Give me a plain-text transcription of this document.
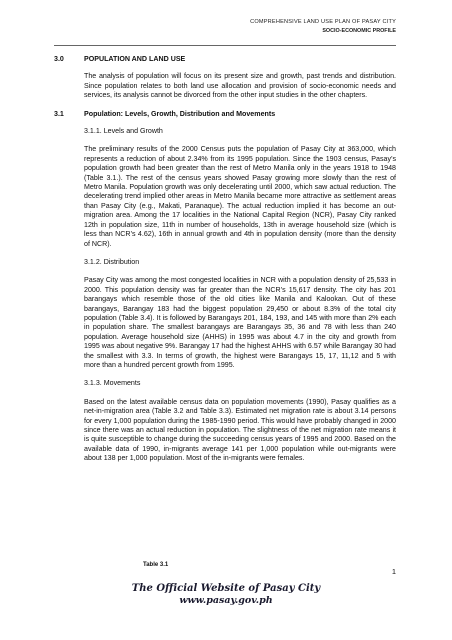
COMPREHENSIVE LAND USE PLAN OF PASAY CITY
SOCIO-ECONOMIC PROFILE
3.0	POPULATION AND LAND USE

The analysis of population will focus on its present size and growth, past trends and distribution. Since population relates to both land use allocation and provision of socio-economic needs and services, its analysis cannot be divorced from the other input studies in the other chapters.

3.1	Population: Levels, Growth, Distribution and Movements
3.1.1. Levels and Growth

The preliminary results of the 2000 Census puts the population of Pasay City at 363,000, which represents a reduction of about 2.34% from its 1995 population. Since the 1903 census, Pasay’s population growth had been greater than the rest of Metro Manila only in the years 1918 to 1948 (Table 3.1.). The rest of the census years showed Pasay growing more slowly than the rest of Metro Manila. Population growth was only decelerating until 2000, which saw actual reduction. The decelerating trend implied other areas in Metro Manila became more attractive as settlement areas than Pasay City (e.g., Makati, Paranaque). The actual reduction implied it has become an out-migration area. Among the 17 localities in the National Capital Region (NCR), Pasay City ranked 12th in population size, 11th in number of households, 13th in average household size (which is less than NCR’s 4.62), 16th in annual growth and 4th in population density (more than the density of NCR).

3.1.2. Distribution

Pasay City was among the most congested localities in NCR with a population density of 25,533 in 2000. This population density was far greater than the NCR’s 15,617 density. The city has 201 barangays which resemble those of the old cities like Manila and Kalookan. Out of these barangays, Barangay 183 had the biggest population 29,450 or about 8.3% of the total city population (Table 3.4). It is followed by Barangays 201, 184, 193, and 145 with more than 2% each in population share. The smallest barangays are Barangays 35, 36 and 78 with less than 240 population. Average household size (AHHS) in 1995 was about 4.7 in the city and growth from 1995 was about negative 9%. Barangay 17 had the highest AHHS with 6.57 while Barangay 30 had the smallest with 3.3. In terms of growth, the highest were Barangays 15, 17, 11,12 and 5 with more than a hundred percent growth from 1995.

3.1.3. Movements

Based on the latest available census data on population movements (1990), Pasay qualifies as a net-in-migration area (Table 3.2 and Table 3.3). Estimated net migration rate is about 3.14 persons for every 1,000 population during the 1985-1990 period. This would have probably changed in 2000 since there was an actual reduction in population. The slightness of the net migration rate means it is quite susceptible to change during the succeeding census years of 1995 and 2000. Based on the available data of 1990, in-migrants average 141 per 1,000 population while out-migrants were about 138 per 1,000 population. Most of the in-migrants were females.

Table 3.1
1
The Official Website of Pasay City
www.pasay.gov.ph
